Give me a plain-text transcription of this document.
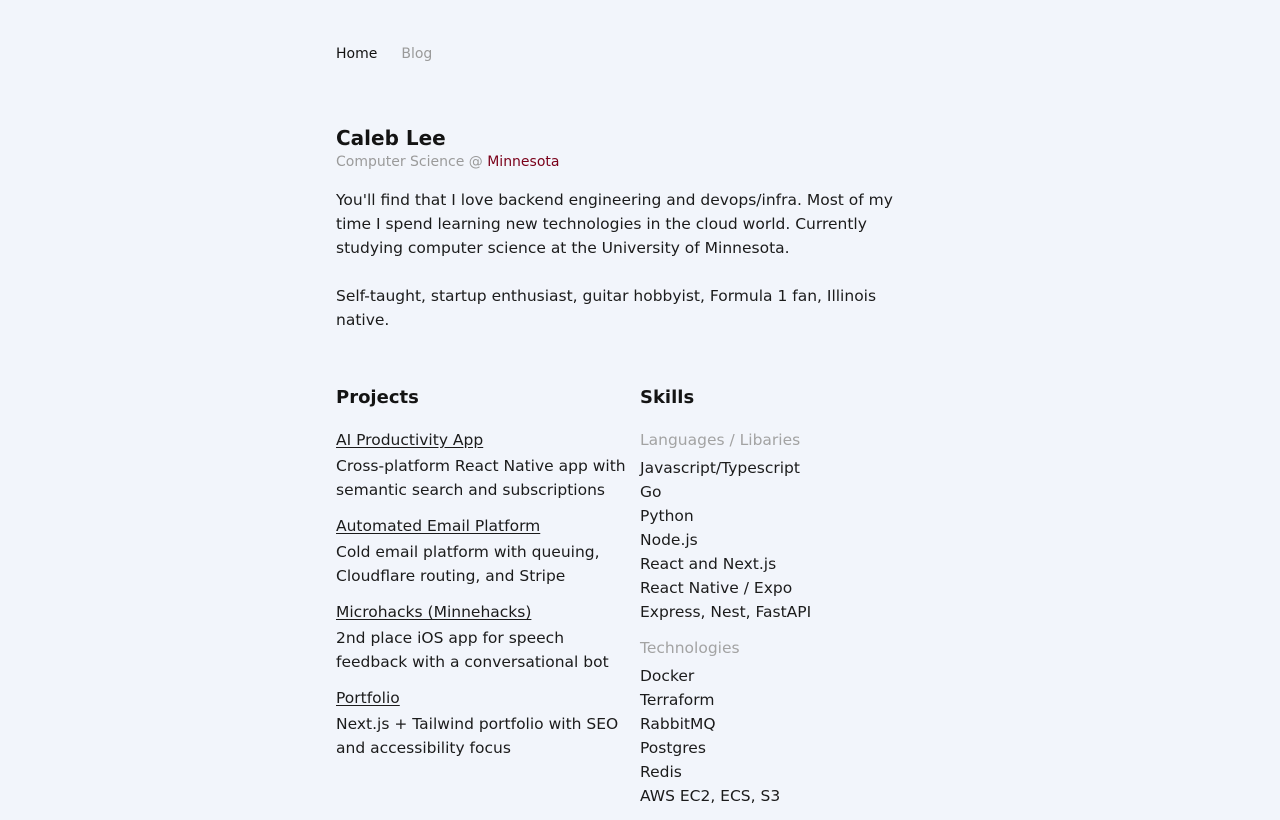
Home Blog
Caleb Lee
Computer Science @ Minnesota

You'll find that I love backend engineering and devops/infra. Most of my time I spend learning new technologies in the cloud world. Currently studying computer science at the University of Minnesota.

Self-taught, startup enthusiast, guitar hobbyist, Formula 1 fan, Illinois native.

Projects	Skills
AI Productivity App
Cross-platform React Native app with semantic search and subscriptions
Automated Email Platform
Cold email platform with queuing, Cloudflare routing, and Stripe
Microhacks (Minnehacks)
2nd place iOS app for speech feedback with a conversational bot
Portfolio
Next.js + Tailwind portfolio with SEO and accessibility focus
Languages / Libaries
Javascript/Typescript
Go
Python
Node.js
React and Next.js
React Native / Expo
Express, Nest, FastAPI
Technologies
Docker
Terraform
RabbitMQ
Postgres
Redis
AWS EC2, ECS, S3
